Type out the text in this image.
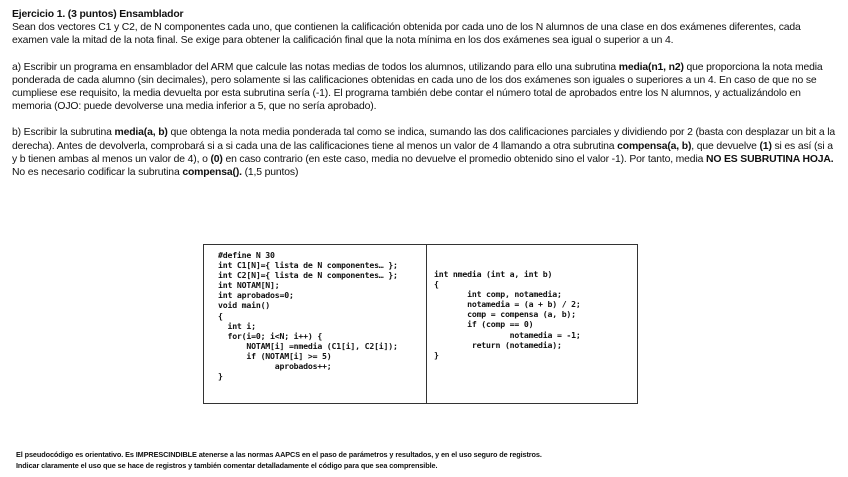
Ejercicio 1. (3 puntos) Ensamblador

Sean dos vectores C1 y C2, de N componentes cada uno, que contienen la calificación obtenida por cada uno de los N alumnos de una clase en dos exámenes diferentes, cada examen vale la mitad de la nota final. Se exige para obtener la calificación final que la nota mínima en los dos exámenes sea igual o superior a un 4.

a) Escribir un programa en ensamblador del ARM que calcule las notas medias de todos los alumnos, utilizando para ello una subrutina media(n1, n2) que proporciona la nota media ponderada de cada alumno (sin decimales), pero solamente si las calificaciones obtenidas en cada uno de los dos exámenes son iguales o superiores a un 4. En caso de que no se cumpliese ese requisito, la media devuelta por esta subrutina sería (-1). El programa también debe contar el número total de aprobados entre los N alumnos, y actualizándolo en memoria (OJO: puede devolverse una media inferior a 5, que no sería aprobado).

b) Escribir la subrutina media(a, b) que obtenga la nota media ponderada tal como se indica, sumando las dos calificaciones parciales y dividiendo por 2 (basta con desplazar un bit a la derecha). Antes de devolverla, comprobará si a si cada una de las calificaciones tiene al menos un valor de 4 llamando a otra subrutina compensa(a, b), que devuelve (1) si es así (si a y b tienen ambas al menos un valor de 4), o (0) en caso contrario (en este caso, media no devuelve el promedio obtenido sino el valor -1). Por tanto, media NO ES SUBRUTINA HOJA.

No es necesario codificar la subrutina compensa(). (1,5 puntos)

#define N 30
int C1[N]={ lista de N componentes… };
int C2[N]={ lista de N componentes… };
int NOTAM[N];
int aprobados=0;
void main()
{
int i;
for(i=0; i<N; i++) {
NOTAM[i] =nmedia (C1[i], C2[i]);
if (NOTAM[i] >= 5)
aprobados++;
}
int nmedia (int a, int b)
{
int comp, notamedia;
notamedia = (a + b) / 2;
comp = compensa (a, b);
if (comp == 0)
notamedia = -1;
return (notamedia);
}

El pseudocódigo es orientativo. Es IMPRESCINDIBLE atenerse a las normas AAPCS en el paso de parámetros y resultados, y en el uso seguro de registros.

Indicar claramente el uso que se hace de registros y también comentar detalladamente el código para que sea comprensible.
